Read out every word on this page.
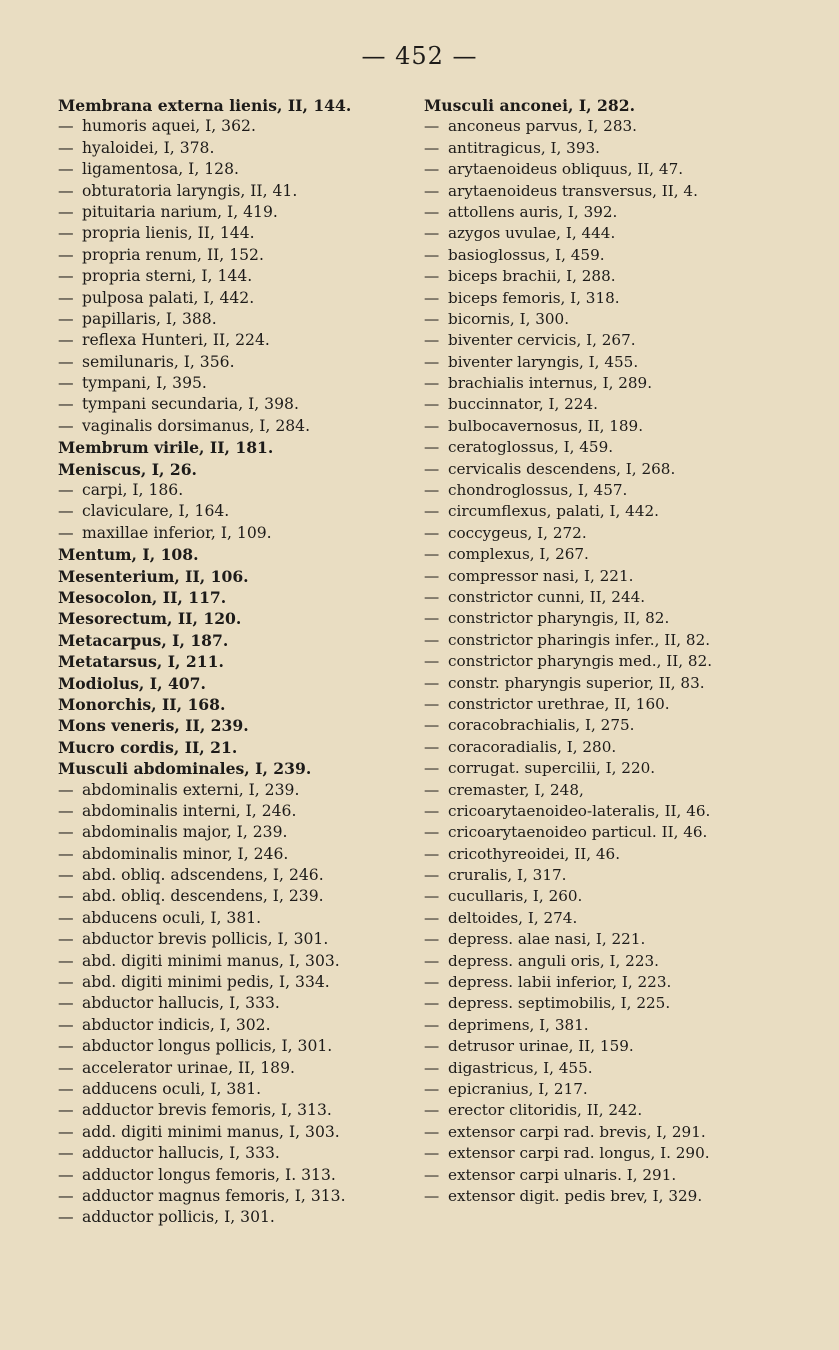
— 452 —
Membrana externa lienis, II, 144.
— humoris aquei, I, 362.
— hyaloidei, I, 378.
— ligamentosa, I, 128.
— obturatoria laryngis, II, 41.
— pituitaria narium, I, 419.
— propria lienis, II, 144.
— propria renum, II, 152.
— propria sterni, I, 144.
— pulposa palati, I, 442.
— papillaris, I, 388.
— reflexa Hunteri, II, 224.
— semilunaris, I, 356.
— tympani, I, 395.
— tympani secundaria, I, 398.
— vaginalis dorsimanus, I, 284.
Membrum virile, II, 181.
Meniscus, I, 26.
— carpi, I, 186.
— claviculare, I, 164.
— maxillae inferior, I, 109.
Mentum, I, 108.
Mesenterium, II, 106.
Mesocolon, II, 117.
Mesorectum, II, 120.
Metacarpus, I, 187.
Metatarsus, I, 211.
Modiolus, I, 407.
Monorchis, II, 168.
Mons veneris, II, 239.
Mucro cordis, II, 21.
Musculi abdominales, I, 239.
— abdominalis externi, I, 239.
— abdominalis interni, I, 246.
— abdominalis major, I, 239.
— abdominalis minor, I, 246.
— abd. obliq. adscendens, I, 246.
— abd. obliq. descendens, I, 239.
— abducens oculi, I, 381.
— abductor brevis pollicis, I, 301.
— abd. digiti minimi manus, I, 303.
— abd. digiti minimi pedis, I, 334.
— abductor hallucis, I, 333.
— abductor indicis, I, 302.
— abductor longus pollicis, I, 301.
— accelerator urinae, II, 189.
— adducens oculi, I, 381.
— adductor brevis femoris, I, 313.
— add. digiti minimi manus, I, 303.
— adductor hallucis, I, 333.
— adductor longus femoris, I. 313.
— adductor magnus femoris, I, 313.
— adductor pollicis, I, 301.
Musculi anconei, I, 282.
— anconeus parvus, I, 283.
— antitragicus, I, 393.
— arytaenoideus obliquus, II, 47.
— arytaenoideus transversus, II, 4.
— attollens auris, I, 392.
— azygos uvulae, I, 444.
— basioglossus, I, 459.
— biceps brachii, I, 288.
— biceps femoris, I, 318.
— bicornis, I, 300.
— biventer cervicis, I, 267.
— biventer laryngis, I, 455.
— brachialis internus, I, 289.
— buccinnator, I, 224.
— bulbocavernosus, II, 189.
— ceratoglossus, I, 459.
— cervicalis descendens, I, 268.
— chondroglossus, I, 457.
— circumflexus, palati, I, 442.
— coccygeus, I, 272.
— complexus, I, 267.
— compressor nasi, I, 221.
— constrictor cunni, II, 244.
— constrictor pharyngis, II, 82.
— constrictor pharingis infer., II, 82.
— constrictor pharyngis med., II, 82.
— constr. pharyngis superior, II, 83.
— constrictor urethrae, II, 160.
— coracobrachialis, I, 275.
— coracoradialis, I, 280.
— corrugat. supercilii, I, 220.
— cremaster, I, 248,
— cricoarytaenoideo-lateralis, II, 46.
— cricoarytaenoideo particul. II, 46.
— cricothyreoidei, II, 46.
— cruralis, I, 317.
— cucullaris, I, 260.
— deltoides, I, 274.
— depress. alae nasi, I, 221.
— depress. anguli oris, I, 223.
— depress. labii inferior, I, 223.
— depress. septimobilis, I, 225.
— deprimens, I, 381.
— detrusor urinae, II, 159.
— digastricus, I, 455.
— epicranius, I, 217.
— erector clitoridis, II, 242.
— extensor carpi rad. brevis, I, 291.
— extensor carpi rad. longus, I. 290.
— extensor carpi ulnaris. I, 291.
— extensor digit. pedis brev, I, 329.
